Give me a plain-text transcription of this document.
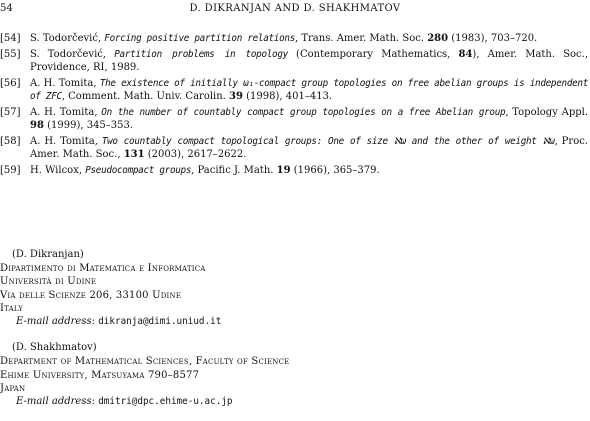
54	D. DIKRANJAN AND D. SHAKHMATOV
[54] S. Todorčević, Forcing positive partition relations, Trans. Amer. Math. Soc. 280 (1983), 703–720.
[55] S. Todorčević, Partition problems in topology (Contemporary Mathematics, 84), Amer. Math. Soc., Providence, RI, 1989.
[56] A. H. Tomita, The existence of initially ω₁-compact group topologies on free abelian groups is independent of ZFC, Comment. Math. Univ. Carolin. 39 (1998), 401–413.
[57] A. H. Tomita, On the number of countably compact group topologies on a free Abelian group, Topology Appl. 98 (1999), 345–353.
[58] A. H. Tomita, Two countably compact topological groups: One of size ℵω and the other of weight ℵω, Proc. Amer. Math. Soc., 131 (2003), 2617–2622.
[59] H. Wilcox, Pseudocompact groups, Pacific J. Math. 19 (1966), 365–379.
(D. Dikranjan)
Dipartimento di Matematica e Informatica
Università di Udine
Via delle Scienze 206, 33100 Udine
Italy
E-mail address: dikranja@dimi.uniud.it
(D. Shakhmatov)
Department of Mathematical Sciences, Faculty of Science
Ehime University, Matsuyama 790–8577
Japan
E-mail address: dmitri@dpc.ehime-u.ac.jp
